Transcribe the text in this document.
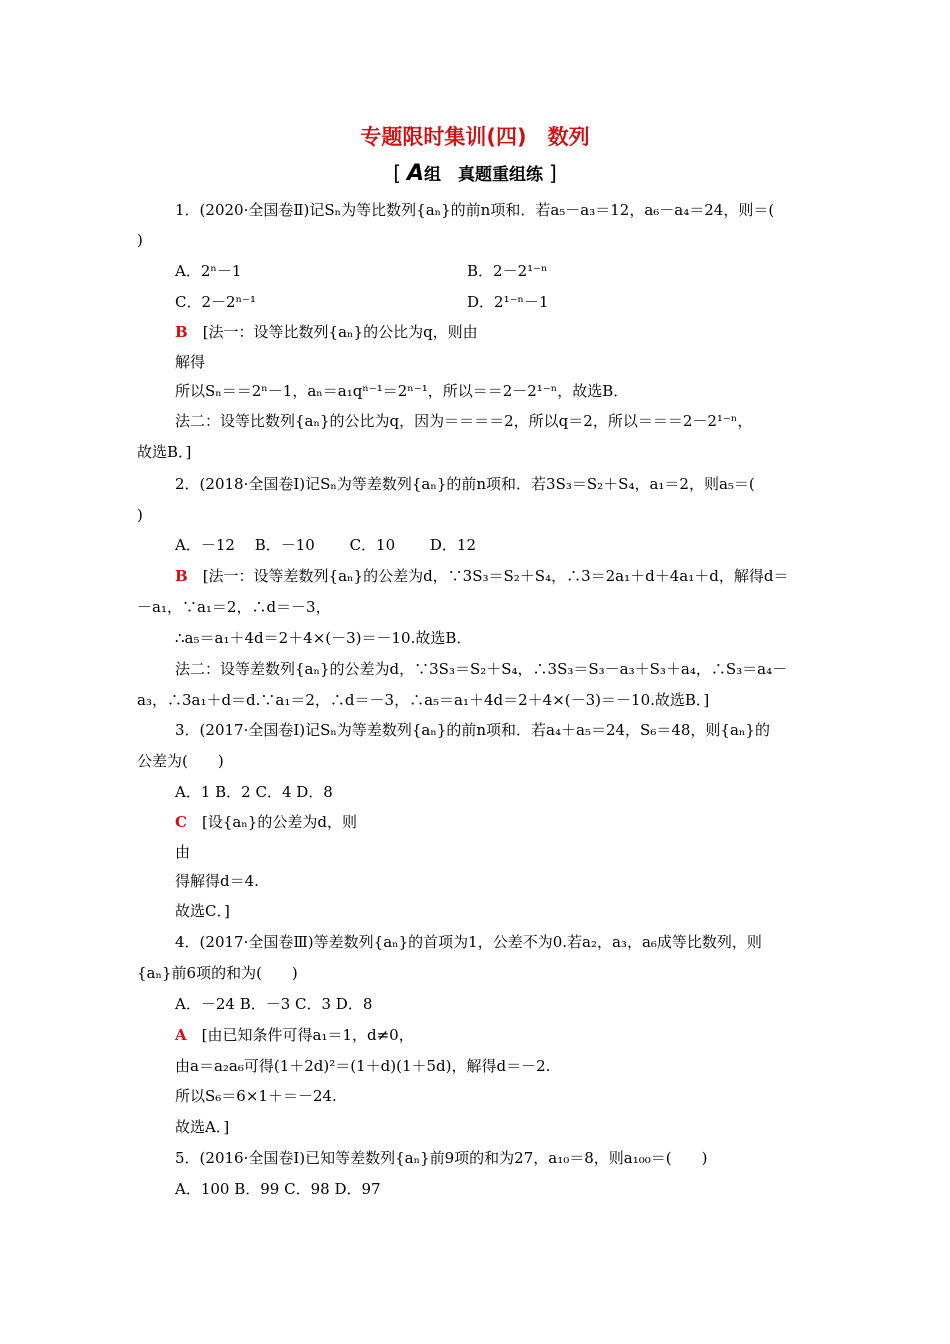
专题限时集训(四)　数列
[ A组　真题重组练 ]
1．(2020·全国卷Ⅱ)记Sₙ为等比数列{aₙ}的前n项和．若a₅－a₃＝12，a₆－a₄＝24，则＝(
)
A．2ⁿ－1	B．2－2¹⁻ⁿ
C．2－2ⁿ⁻¹	D．2¹⁻ⁿ－1
B　[法一：设等比数列{aₙ}的公比为q，则由
解得
所以Sₙ＝＝2ⁿ－1，aₙ＝a₁qⁿ⁻¹＝2ⁿ⁻¹，所以＝＝2－2¹⁻ⁿ，故选B．
法二：设等比数列{aₙ}的公比为q，因为＝＝＝＝2，所以q＝2，所以＝＝＝2－2¹⁻ⁿ，
故选B．]
2．(2018·全国卷Ⅰ)记Sₙ为等差数列{aₙ}的前n项和．若3S₃＝S₂＋S₄，a₁＝2，则a₅＝(
)
A．－12　 B．－10　　 C．10　　 D．12
B　 [法一：设等差数列{aₙ}的公差为d，∵3S₃＝S₂＋S₄，∴3＝2a₁＋d＋4a₁＋d，解得d＝
－a₁，∵a₁＝2，∴d＝－3，
∴a₅＝a₁＋4d＝2＋4×(－3)＝－10.故选B．
法二：设等差数列{aₙ}的公差为d，∵3S₃＝S₂＋S₄，∴3S₃＝S₃－a₃＋S₃＋a₄，∴S₃＝a₄－
a₃，∴3a₁＋d＝d.∵a₁＝2，∴d＝－3，∴a₅＝a₁＋4d＝2＋4×(－3)＝－10.故选B．]
3．(2017·全国卷Ⅰ)记Sₙ为等差数列{aₙ}的前n项和．若a₄＋a₅＝24，S₆＝48，则{aₙ}的
公差为(　　)
A．1 B．2 C．4 D．8
C　 [设{aₙ}的公差为d，则
由
得解得d＝4.
故选C．]
4．(2017·全国卷Ⅲ)等差数列{aₙ}的首项为1，公差不为0.若a₂，a₃，a₆成等比数列，则
{aₙ}前6项的和为(　　)
A．－24 B．－3 C．3 D．8
A　 [由已知条件可得a₁＝1，d≠0，
由a＝a₂a₆可得(1＋2d)²＝(1＋d)(1＋5d)，解得d＝－2.
所以S₆＝6×1＋＝－24.
故选A．]
5．(2016·全国卷Ⅰ)已知等差数列{aₙ}前9项的和为27，a₁₀＝8，则a₁₀₀＝(　　)
A．100 B．99 C．98 D．97
